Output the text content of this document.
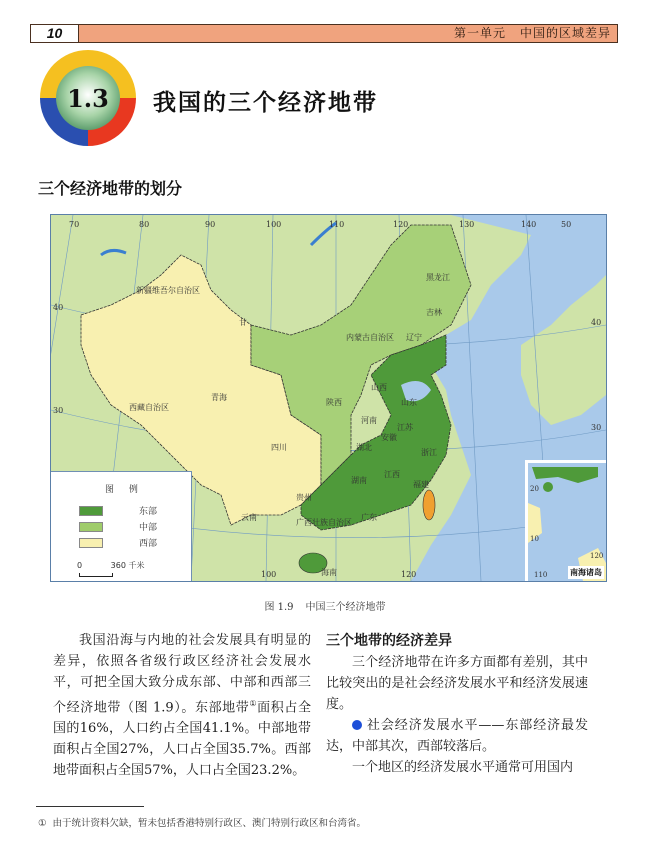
10	第一单元 中国的区域差异
1.3 我国的三个经济地带
三个经济地带的划分
新疆维吾尔自治区
甘
青海
西藏自治区
四川
贵州
云南
黑龙江
吉林
内蒙古自治区 辽宁
山西
山东
河南
陕西
湖北
湖南
江西
浙江
福建
广东
广西壮族自治区
海南
江苏
安徽
70	80	90	100	110	120	130	140	50
40
30
40
30
100	120
图 例
东部
中部
西部
0	360 千米
20
10
120
110	南海诸岛
图 1.9 中国三个经济地带

我国沿海与内地的社会发展具有明显的差异，依照各省级行政区经济社会发展水平，可把全国大致分成东部、中部和西部三个经济地带（图 1.9）。东部地带①面积占全国的16%，人口约占全国41.1%。中部地带面积占全国27%，人口占全国35.7%。西部地带面积占全国57%，人口占全国23.2%。

三个地带的经济差异

三个经济地带在许多方面都有差别，其中比较突出的是社会经济发展水平和经济发展速度。

社会经济发展水平——东部经济最发达，中部其次，西部较落后。

一个地区的经济发展水平通常可用国内

① 由于统计资料欠缺，暂未包括香港特别行政区、澳门特别行政区和台湾省。
